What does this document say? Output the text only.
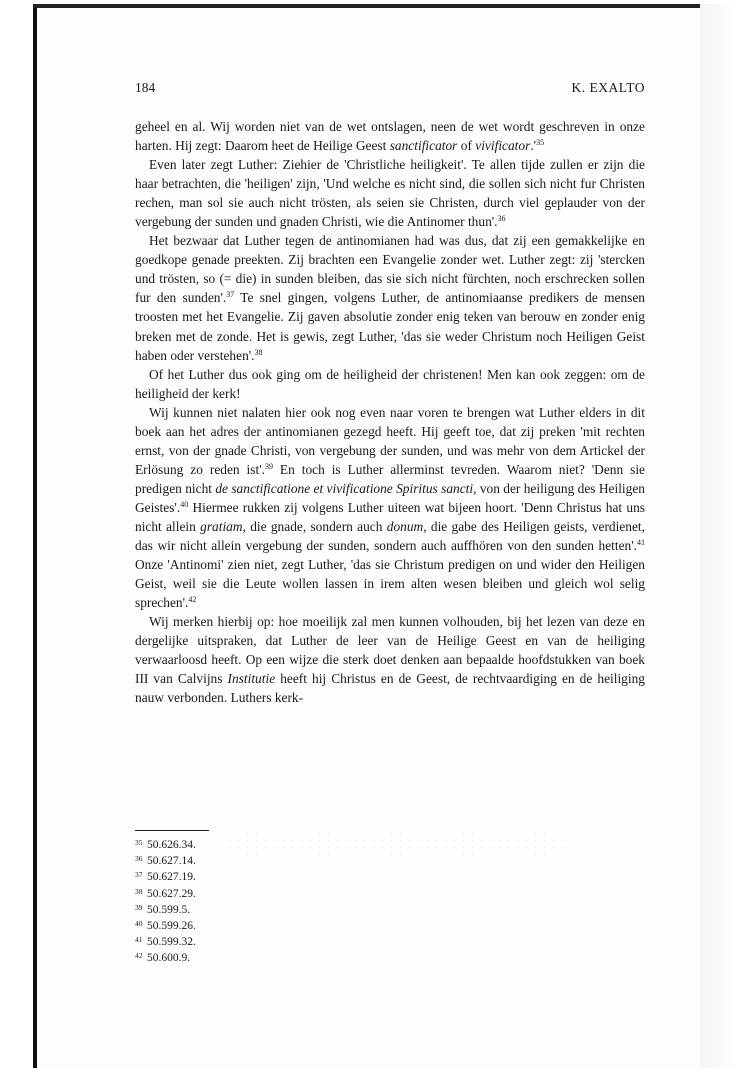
184	K. EXALTO

geheel en al. Wij worden niet van de wet ontslagen, neen de wet wordt geschreven in onze harten. Hij zegt: Daarom heet de Heilige Geest sanctificator of $vivificator.'^{35}$

Even later zegt Luther: Ziehier de 'Christliche heiligkeit'. Te allen tijde zullen er zijn die haar betrachten, die 'heiligen' zijn, 'Und welche es nicht sind, die sollen sich nicht fur Christen rechen, man sol sie auch nicht trösten, als seien sie Christen, durch viel geplauder von der vergebung der sunden und gnaden Christi, wie die Antinomer thun'.$^{36}$

Het bezwaar dat Luther tegen de antinomianen had was dus, dat zij een gemakkelijke en goedkope genade preekten. Zij brachten een Evangelie zonder wet. Luther zegt: zij 'stercken und trösten, so (= die) in sunden bleiben, das sie sich nicht fürchten, noch erschrecken sollen fur den sunden'.$^{37}$ Te snel gingen, volgens Luther, de antinomiaanse predikers de mensen troosten met het Evangelie. Zij gaven absolutie zonder enig teken van berouw en zonder enig breken met de zonde. Het is gewis, zegt Luther, 'das sie weder Christum noch Heiligen Geist haben oder verstehen'.$^{38}$

Of het Luther dus ook ging om de heiligheid der christenen! Men kan ook zeggen: om de heiligheid der kerk!

Wij kunnen niet nalaten hier ook nog even naar voren te brengen wat Luther elders in dit boek aan het adres der antinomianen gezegd heeft. Hij geeft toe, dat zij preken 'mit rechten ernst, von der gnade Christi, von vergebung der sunden, und was mehr von dem Artickel der Erlösung zo reden ist'.$^{39}$ En toch is Luther allerminst tevreden. Waarom niet? 'Denn sie predigen nicht de sanctificatione et vivificatione Spiritus sancti, von der heiligung des Heiligen Geistes'.$^{40}$ Hiermee rukken zij volgens Luther uiteen wat bijeen hoort. 'Denn Christus hat uns nicht allein gratiam, die gnade, sondern auch donum, die gabe des Heiligen geists, verdienet, das wir nicht allein vergebung der sunden, sondern auch auffhören von den sunden hetten'.$^{41}$ Onze 'Antinomi' zien niet, zegt Luther, 'das sie Christum predigen on und wider den Heiligen Geist, weil sie die Leute wollen lassen in irem alten wesen bleiben und gleich wol selig sprechen'.$^{42}$

Wij merken hierbij op: hoe moeilijk zal men kunnen volhouden, bij het lezen van deze en dergelijke uitspraken, dat Luther de leer van de Heilige Geest en van de heiliging verwaarloosd heeft. Op een wijze die sterk doet denken aan bepaalde hoofdstukken van boek III van Calvijns Institutie heeft hij Christus en de Geest, de rechtvaardiging en de heiliging nauw verbonden. Luthers kerk-

35 50.626.34.
36 50.627.14.
37 50.627.19.
38 50.627.29.
39 50.599.5.
40 50.599.26.
41 50.599.32.
42 50.600.9.
